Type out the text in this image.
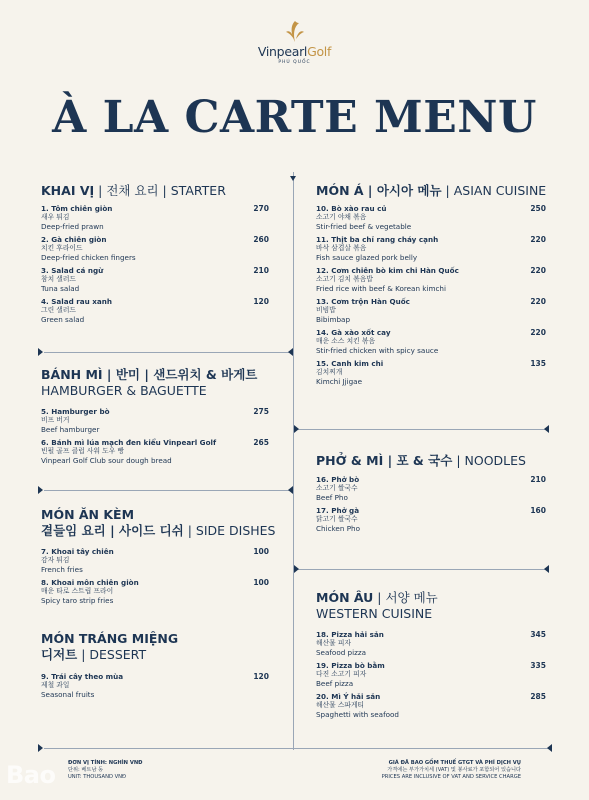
VinpearlGolf
PHÚ QUỐC
À LA CARTE MENU
KHAI VỊ | 전채 요리 | STARTER
1. Tôm chiên giòn
새우 튀김
Deep-fried prawn
270
2. Gà chiên giòn
치킨 후라이드
Deep-fried chicken fingers
260
3. Salad cá ngừ
참치 샐러드
Tuna salad
210
4. Salad rau xanh
그린 샐러드
Green salad
120
BÁNH MÌ | 반미 | 샌드위치 & 바게트
HAMBURGER & BAGUETTE
5. Hamburger bò
비프 버거
Beef hamburger
275
6. Bánh mì lúa mạch đen kiểu Vinpearl Golf
빈펄 골프 클럽 사워 도우 빵
Vinpearl Golf Club sour dough bread
265
MÓN ĂN KÈM
곁들임 요리 | 사이드 디쉬 | SIDE DISHES
7. Khoai tây chiên
감자 튀김
French fries
100
8. Khoai môn chiên giòn
매운 타로 스트립 프라이
Spicy taro strip fries
100
MÓN TRÁNG MIỆNG
디저트 | DESSERT
9. Trái cây theo mùa
제철 과일
Seasonal fruits
120
MÓN Á | 아시아 메뉴 | ASIAN CUISINE
10. Bò xào rau củ
소고기 야채 볶음
Stir-fried beef & vegetable
250
11. Thịt ba chỉ rang cháy cạnh
바삭 삼겹살 볶음
Fish sauce glazed pork belly
220
12. Cơm chiên bò kim chi Hàn Quốc
소고기 김치 볶음밥
Fried rice with beef & Korean kimchi
220
13. Cơm trộn Hàn Quốc
비빔밥
Bibimbap
220
14. Gà xào xốt cay
매운 소스 치킨 볶음
Stir-fried chicken with spicy sauce
220
15. Canh kim chi
김치찌개
Kimchi Jjigae
135
PHỞ & MÌ | 포 & 국수 | NOODLES
16. Phở bò
소고기 쌀국수
Beef Pho
210
17. Phở gà
닭고기 쌀국수
Chicken Pho
160
MÓN ÂU | 서양 메뉴
WESTERN CUISINE
18. Pizza hải sản
해산물 피자
Seafood pizza
345
19. Pizza bò bằm
다진 소고기 피자
Beef pizza
335
20. Mì Ý hải sản
해산물 스파게티
Spaghetti with seafood
285
ĐƠN VỊ TÍNH: NGHÌN VNĐ
단위: 베트남 동
UNIT: THOUSAND VNĐ
GIÁ ĐÃ BAO GỒM THUẾ GTGT VÀ PHÍ DỊCH VỤ
가격에는 부가가치세 (VAT) 및 봉사료가 포함되어 있습니다
PRICES ARE INCLUSIVE OF VAT AND SERVICE CHARGE
Bao
